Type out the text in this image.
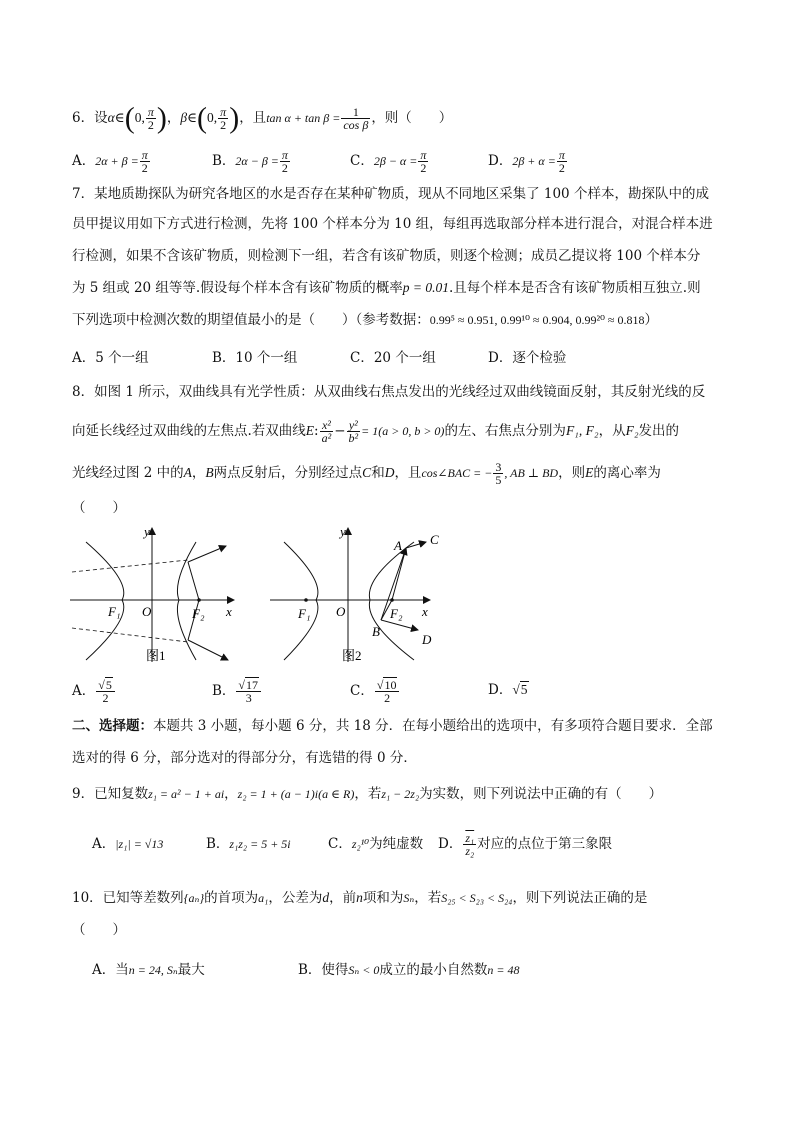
6．设α∈(0, $\frac{\pi}{2}$ )，β∈(0, $\frac{\pi}{2}$ )，且$\tan \alpha + \tan \beta = \frac{1}{\text{cos β}}$ ，则（　　）
A．$2\alpha + \beta = \frac{\pi}{2}$	B．$2\alpha - \beta = \frac{\pi}{2}$	C．$2\beta - \alpha = \frac{\pi}{2}$	D．$2\beta + \alpha = \frac{\pi}{2}$
7．某地质勘探队为研究各地区的水是否存在某种矿物质，现从不同地区采集了 100 个样本，勘探队中的成
员甲提议用如下方式进行检测，先将 100 个样本分为 10 组，每组再选取部分样本进行混合，对混合样本进
行检测，如果不含该矿物质，则检测下一组，若含有该矿物质，则逐个检测；成员乙提议将 100 个样本分
为 5 组或 20 组等等.假设每个样本含有该矿物质的概率p = 0.01.且每个样本是否含有该矿物质相互独立.则
下列选项中检测次数的期望值最小的是（　　）（参考数据：0.99⁵ ≈ 0.951, 0.99¹⁰ ≈ 0.904, 0.99²⁰ ≈ 0.818）
A．5 个一组	B．10 个一组	C．20 个一组	D．逐个检验
8．如图 1 所示，双曲线具有光学性质：从双曲线右焦点发出的光线经过双曲线镜面反射，其反射光线的反
向延长线经过双曲线的左焦点.若双曲线E: $\frac{\text{x²}}{\text{a²}} - \frac{\text{y²}}{\text{b²}} = 1(a > 0$, b > 0)的左、右焦点分别为F₁, F₂，从F₂发出的
光线经过图 2 中的A，B两点反射后，分别经过点C和D，且cos∠BAC = − $\frac{3}{5}$ , AB ⊥ BD，则E的离心率为
（　　）
y
x
O
F₁	F₂
图1
y
x
O
F₁	F₂
A
B
C
D
图2
A． $\frac{√5}{2}$	B． $\frac{√17}{3}$	C． $\frac{√10}{2}$	D．√5
二、选择题：本题共 3 小题，每小题 6 分，共 18 分．在每小题给出的选项中，有多项符合题目要求．全部
选对的得 6 分，部分选对的得部分分，有选错的得 0 分．
9．已知复数z₁ = a² − 1 + ai，z₂ = 1 + (a − 1)i(a ∈ R)，若z₁ − 2z₂为实数，则下列说法中正确的有（　　）
A．|z₁| = √13	B．z₁z₂ = 5 + 5i	C．z₂¹⁰为纯虚数 D． $\frac{\text{z₁}}{\text{z₂}}$ 对应的点位于第三象限
10．已知等差数列{aₙ}的首项为a₁，公差为d，前n项和为Sₙ，若S₂₅ < S₂₃ < S₂₄，则下列说法正确的是
（　　）
A．当n = 24, Sₙ最大	B．使得Sₙ < 0成立的最小自然数n = 48
